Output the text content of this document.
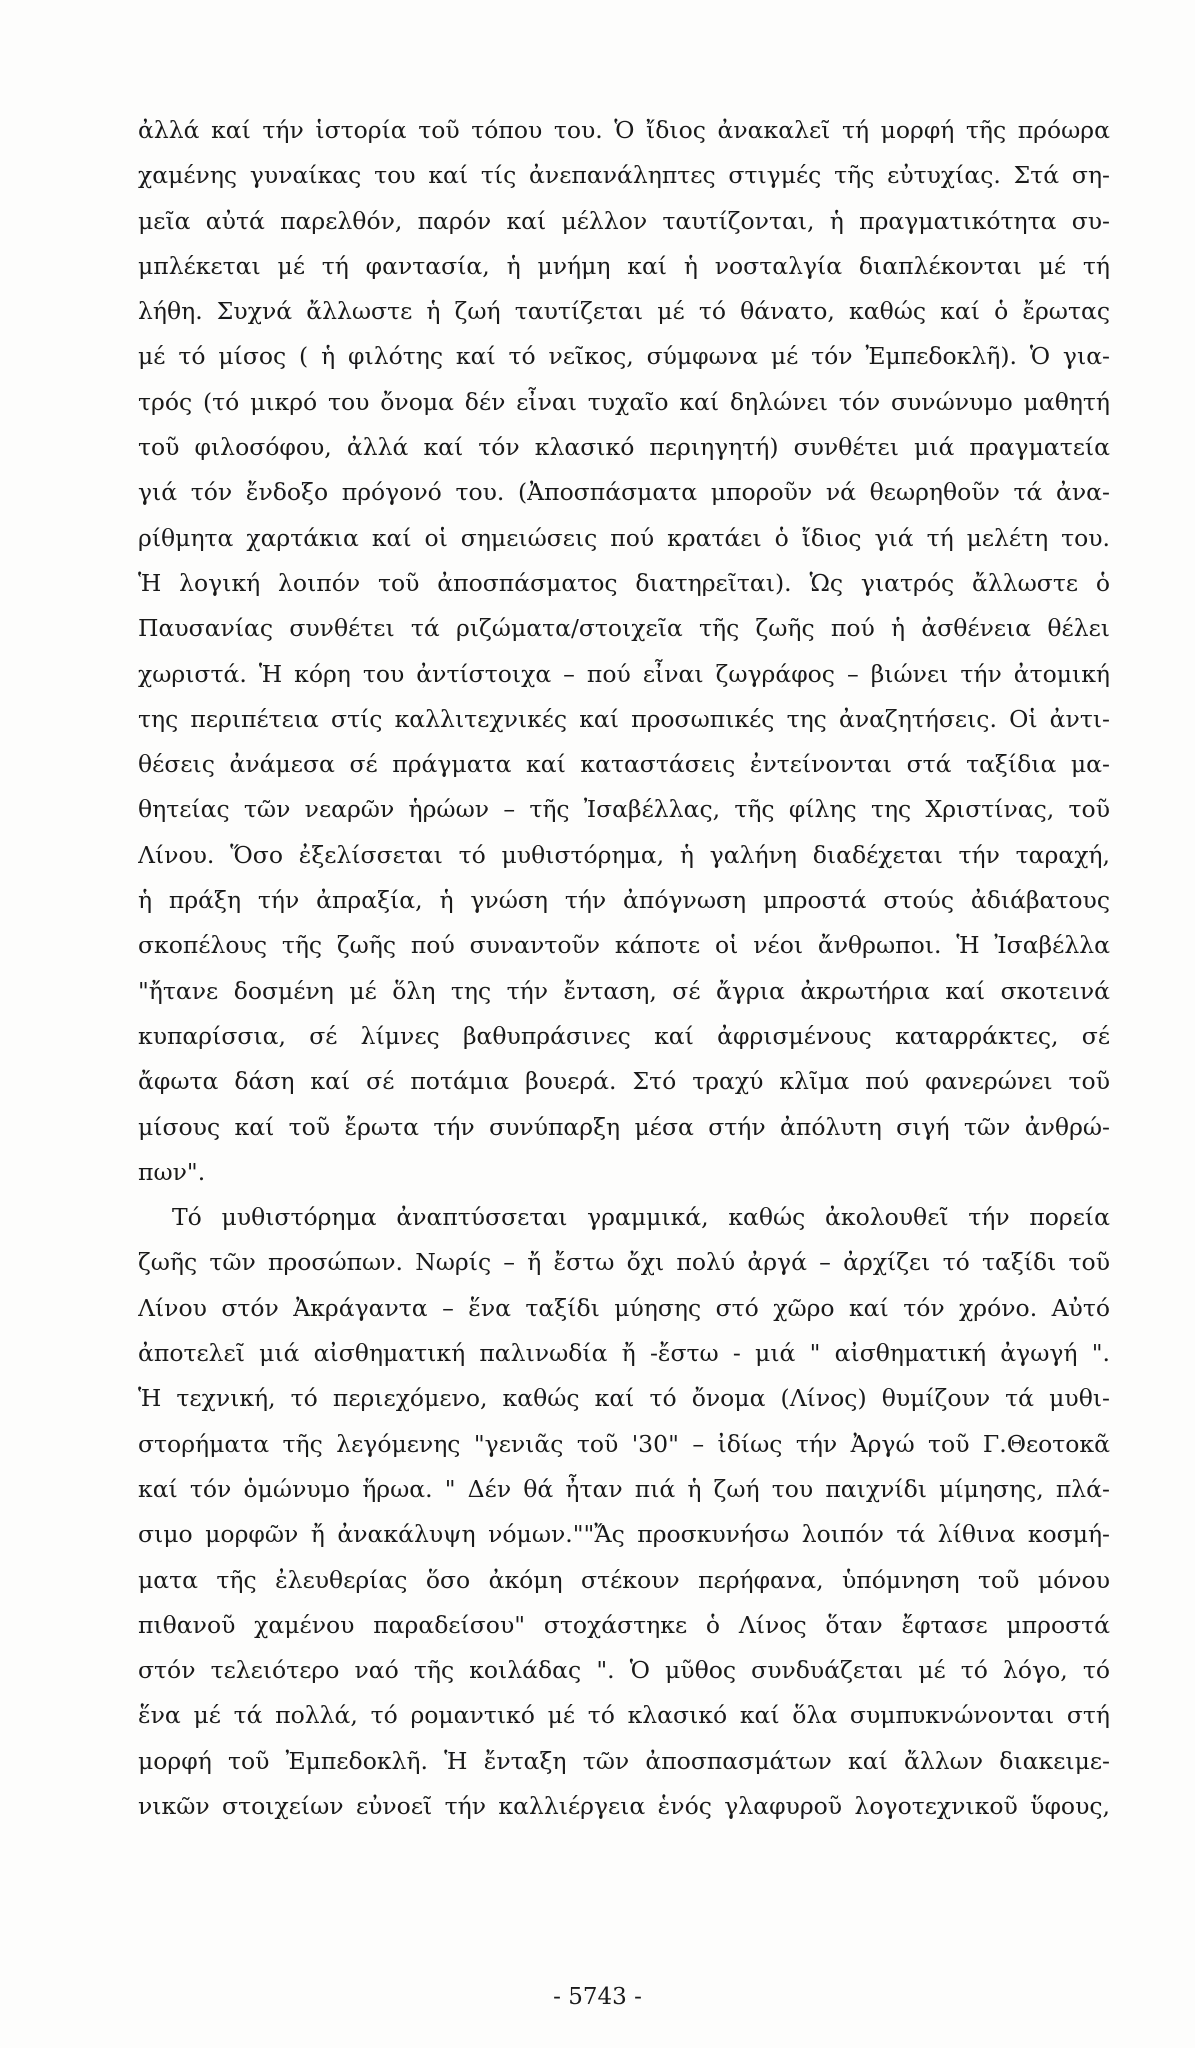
ἀλλά καί τήν ἱστορία τοῦ τόπου του. Ὁ ἴδιος ἀνακαλεῖ τή μορφή τῆς πρόωρα
χαμένης γυναίκας του καί τίς ἀνεπανάληπτες στιγμές τῆς εὐτυχίας. Στά ση-
μεῖα αὐτά παρελθόν, παρόν καί μέλλον ταυτίζονται, ἡ πραγματικότητα συ-
μπλέκεται μέ τή φαντασία, ἡ μνήμη καί ἡ νοσταλγία διαπλέκονται μέ τή
λήθη. Συχνά ἄλλωστε ἡ ζωή ταυτίζεται μέ τό θάνατο, καθώς καί ὁ ἔρωτας
μέ τό μίσος ( ἡ φιλότης καί τό νεῖκος, σύμφωνα μέ τόν Ἐμπεδοκλῆ). Ὁ για-
τρός (τό μικρό του ὄνομα δέν εἶναι τυχαῖο καί δηλώνει τόν συνώνυμο μαθητή
τοῦ φιλοσόφου, ἀλλά καί τόν κλασικό περιηγητή) συνθέτει μιά πραγματεία
γιά τόν ἔνδοξο πρόγονό του. (Ἀποσπάσματα μποροῦν νά θεωρηθοῦν τά ἀνα-
ρίθμητα χαρτάκια καί οἱ σημειώσεις πού κρατάει ὁ ἴδιος γιά τή μελέτη του.
Ἡ λογική λοιπόν τοῦ ἀποσπάσματος διατηρεῖται). Ὡς γιατρός ἄλλωστε ὁ
Παυσανίας συνθέτει τά ριζώματα/στοιχεῖα τῆς ζωῆς πού ἡ ἀσθένεια θέλει
χωριστά. Ἡ κόρη του ἀντίστοιχα – πού εἶναι ζωγράφος – βιώνει τήν ἀτομική
της περιπέτεια στίς καλλιτεχνικές καί προσωπικές της ἀναζητήσεις. Οἱ ἀντι-
θέσεις ἀνάμεσα σέ πράγματα καί καταστάσεις ἐντείνονται στά ταξίδια μα-
θητείας τῶν νεαρῶν ἡρώων – τῆς Ἰσαβέλλας, τῆς φίλης της Χριστίνας, τοῦ
Λίνου. Ὅσο ἐξελίσσεται τό μυθιστόρημα, ἡ γαλήνη διαδέχεται τήν ταραχή,
ἡ πράξη τήν ἀπραξία, ἡ γνώση τήν ἀπόγνωση μπροστά στούς ἀδιάβατους
σκοπέλους τῆς ζωῆς πού συναντοῦν κάποτε οἱ νέοι ἄνθρωποι. Ἡ Ἰσαβέλλα
"ἤτανε δοσμένη μέ ὅλη της τήν ἔνταση, σέ ἄγρια ἀκρωτήρια καί σκοτεινά
κυπαρίσσια, σέ λίμνες βαθυπράσινες καί ἀφρισμένους καταρράκτες, σέ
ἄφωτα δάση καί σέ ποτάμια βουερά. Στό τραχύ κλῖμα πού φανερώνει τοῦ
μίσους καί τοῦ ἔρωτα τήν συνύπαρξη μέσα στήν ἀπόλυτη σιγή τῶν ἀνθρώ-
πων".
Τό μυθιστόρημα ἀναπτύσσεται γραμμικά, καθώς ἀκολουθεῖ τήν πορεία
ζωῆς τῶν προσώπων. Νωρίς – ἤ ἔστω ὄχι πολύ ἀργά – ἀρχίζει τό ταξίδι τοῦ
Λίνου στόν Ἀκράγαντα – ἕνα ταξίδι μύησης στό χῶρο καί τόν χρόνο. Αὐτό
ἀποτελεῖ μιά αἰσθηματική παλινωδία ἤ -ἔστω - μιά " αἰσθηματική ἀγωγή ".
Ἡ τεχνική, τό περιεχόμενο, καθώς καί τό ὄνομα (Λίνος) θυμίζουν τά μυθι-
στορήματα τῆς λεγόμενης "γενιᾶς τοῦ '30" – ἰδίως τήν Ἀργώ τοῦ Γ.Θεοτοκᾶ
καί τόν ὁμώνυμο ἥρωα. " Δέν θά ἦταν πιά ἡ ζωή του παιχνίδι μίμησης, πλά-
σιμο μορφῶν ἤ ἀνακάλυψη νόμων.""Ἄς προσκυνήσω λοιπόν τά λίθινα κοσμή-
ματα τῆς ἐλευθερίας ὅσο ἀκόμη στέκουν περήφανα, ὑπόμνηση τοῦ μόνου
πιθανοῦ χαμένου παραδείσου" στοχάστηκε ὁ Λίνος ὅταν ἔφτασε μπροστά
στόν τελειότερο ναό τῆς κοιλάδας ". Ὁ μῦθος συνδυάζεται μέ τό λόγο, τό
ἕνα μέ τά πολλά, τό ρομαντικό μέ τό κλασικό καί ὅλα συμπυκνώνονται στή
μορφή τοῦ Ἐμπεδοκλῆ. Ἡ ἔνταξη τῶν ἀποσπασμάτων καί ἄλλων διακειμε-
νικῶν στοιχείων εὐνοεῖ τήν καλλιέργεια ἑνός γλαφυροῦ λογοτεχνικοῦ ὕφους,
- 5743 -
